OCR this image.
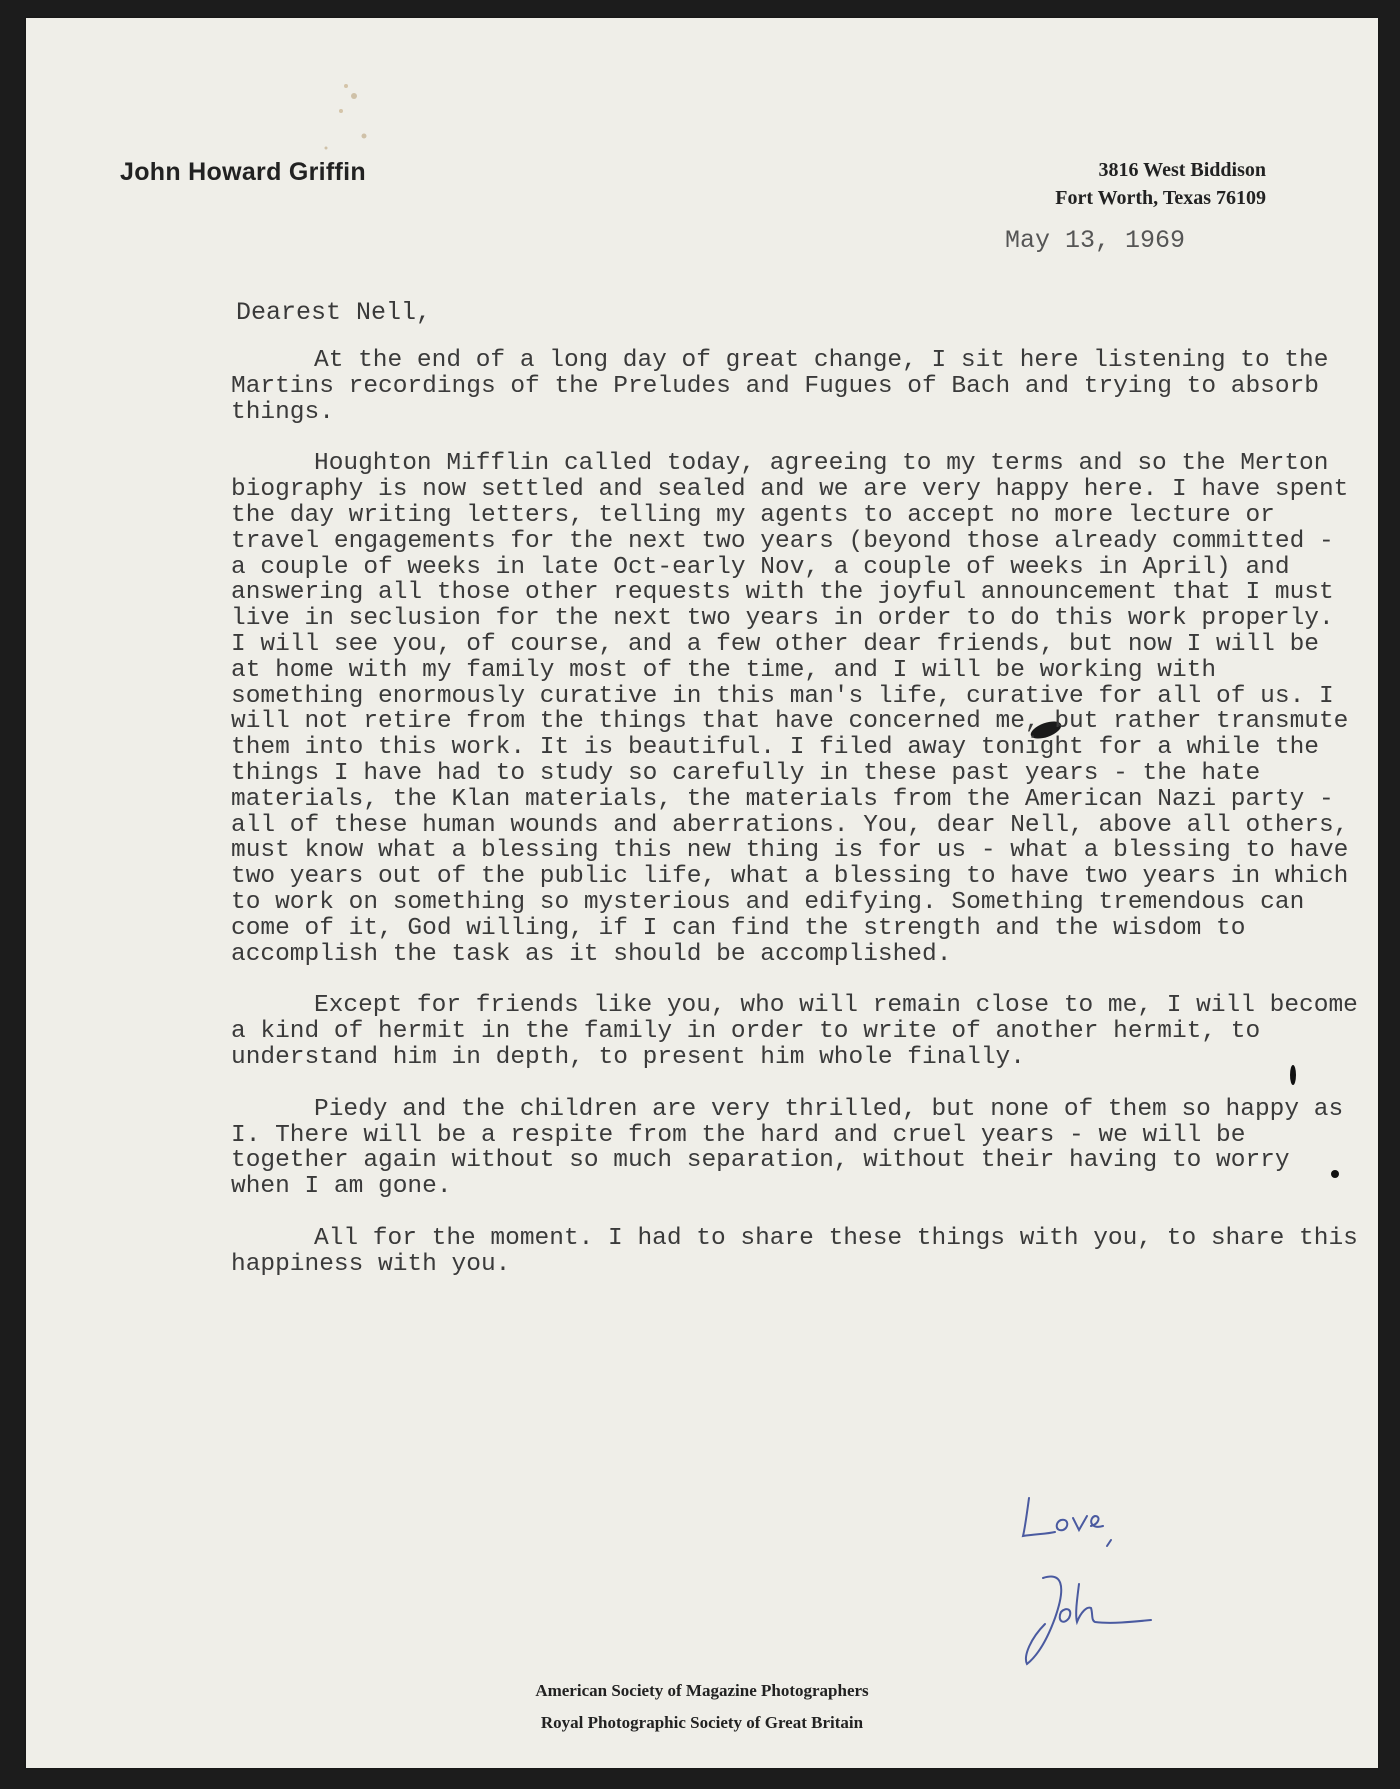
John Howard Griffin	3816 West Biddison
Fort Worth, Texas 76109
May 13, 1969
Dearest Nell,

At the end of a long day of great change, I sit here listening to the Martins recordings of the Preludes and Fugues of Bach and trying to absorb things.

Houghton Mifflin called today, agreeing to my terms and so the Merton biography is now settled and sealed and we are very happy here. I have spent the day writing letters, telling my agents to accept no more lecture or travel engagements for the next two years (beyond those already committed - a couple of weeks in late Oct-early Nov, a couple of weeks in April) and answering all those other requests with the joyful announcement that I must live in seclusion for the next two years in order to do this work properly. I will see you, of course, and a few other dear friends, but now I will be at home with my family most of the time, and I will be working with something enormously curative in this man's life, curative for all of us. I will not retire from the things that have concerned me, but rather transmute them into this work. It is beautiful. I filed away tonight for a while the things I have had to study so carefully in these past years - the hate materials, the Klan materials, the materials from the American Nazi party - all of these human wounds and aberrations. You, dear Nell, above all others, must know what a blessing this new thing is for us - what a blessing to have two years out of the public life, what a blessing to have two years in which to work on something so mysterious and edifying. Something tremendous can come of it, God willing, if I can find the strength and the wisdom to accomplish the task as it should be accomplished.

Except for friends like you, who will remain close to me, I will become a kind of hermit in the family in order to write of another hermit, to understand him in depth, to present him whole finally.

Piedy and the children are very thrilled, but none of them so happy as I. There will be a respite from the hard and cruel years - we will be together again without so much separation, without their having to worry when I am gone.

All for the moment. I had to share these things with you, to share this happiness with you.

American Society of Magazine Photographers
Royal Photographic Society of Great Britain
